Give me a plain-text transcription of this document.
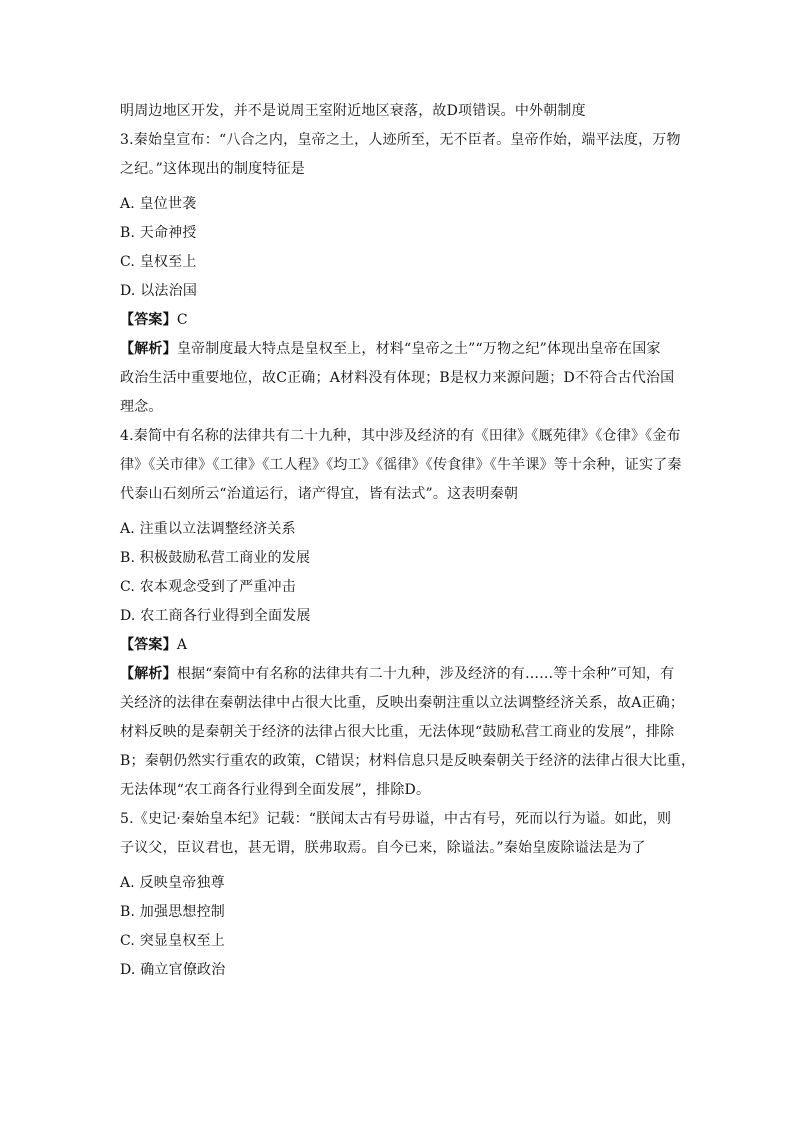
明周边地区开发，并不是说周王室附近地区衰落，故D项错误。中外朝制度
3.秦始皇宣布：“八合之内，皇帝之土，人迹所至，无不臣者。皇帝作始，端平法度，万物
之纪。”这体现出的制度特征是
A. 皇位世袭
B. 天命神授
C. 皇权至上
D. 以法治国
【答案】C
【解析】皇帝制度最大特点是皇权至上，材料“皇帝之土”“万物之纪”体现出皇帝在国家
政治生活中重要地位，故C正确；A材料没有体现；B是权力来源问题；D不符合古代治国
理念。
4.秦简中有名称的法律共有二十九种，其中涉及经济的有《田律》《厩苑律》《仓律》《金布
律》《关市律》《工律》《工人程》《均工》《徭律》《传食律》《牛羊课》等十余种，证实了秦
代泰山石刻所云“治道运行，诸产得宜，皆有法式”。这表明秦朝
A. 注重以立法调整经济关系
B. 积极鼓励私营工商业的发展
C. 农本观念受到了严重冲击
D. 农工商各行业得到全面发展
【答案】A
【解析】根据“秦简中有名称的法律共有二十九种，涉及经济的有……等十余种”可知，有
关经济的法律在秦朝法律中占很大比重，反映出秦朝注重以立法调整经济关系，故A正确；
材料反映的是秦朝关于经济的法律占很大比重，无法体现“鼓励私营工商业的发展”，排除
B；秦朝仍然实行重农的政策，C错误；材料信息只是反映秦朝关于经济的法律占很大比重，
无法体现“农工商各行业得到全面发展”，排除D。
5.《史记·秦始皇本纪》记载：“朕闻太古有号毋谥，中古有号，死而以行为谥。如此，则
子议父，臣议君也，甚无谓，朕弗取焉。自今已来，除谥法。”秦始皇废除谥法是为了
A. 反映皇帝独尊
B. 加强思想控制
C. 突显皇权至上
D. 确立官僚政治
